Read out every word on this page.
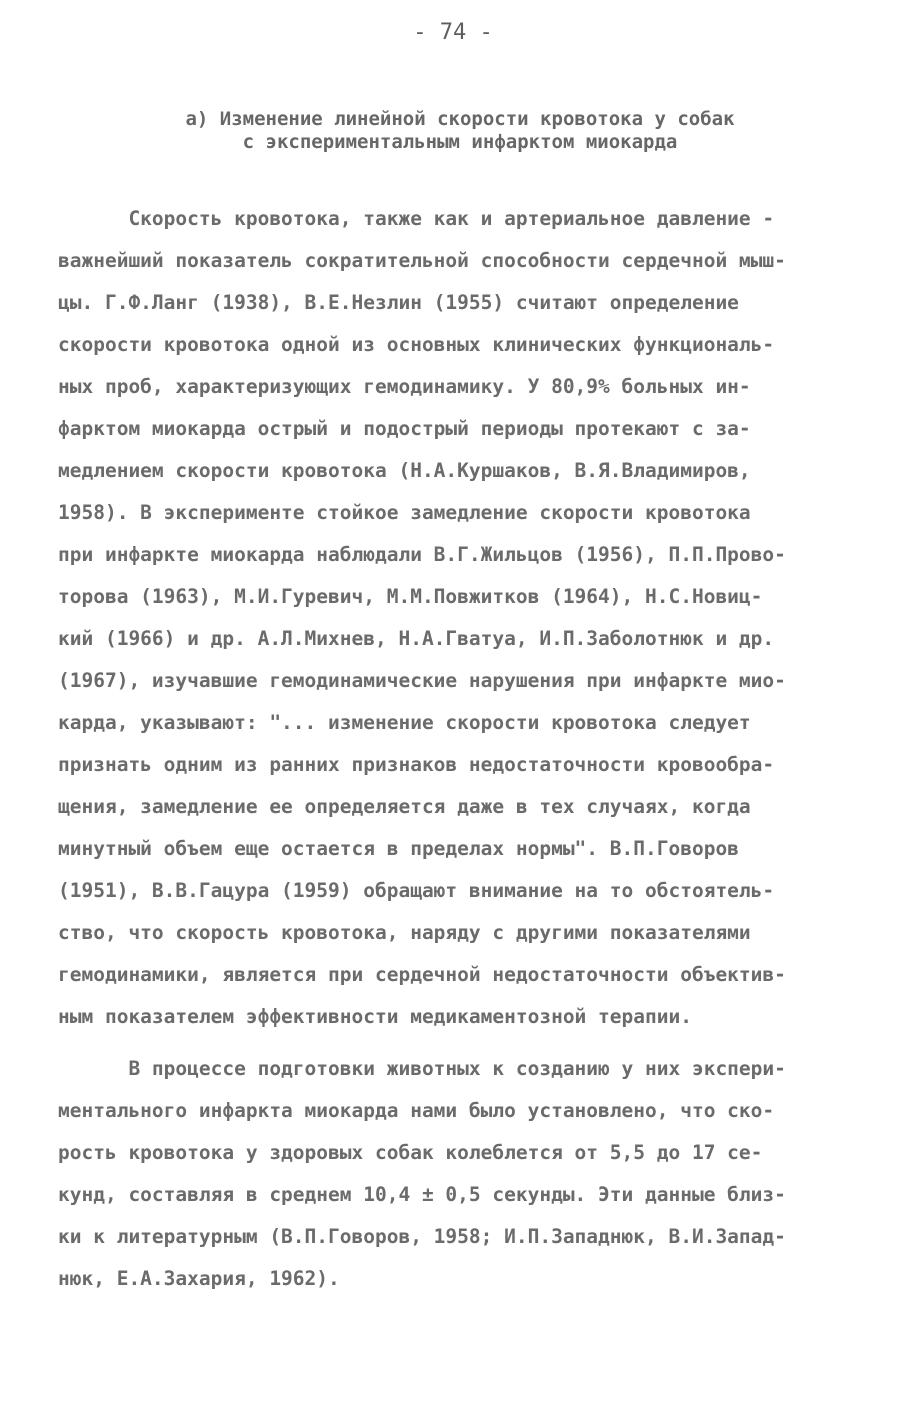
- 74 -
а) Изменение линейной скорости кровотока у собак
с экспериментальным инфарктом миокарда
Скорость кровотока, также как и артериальное давление -
важнейший показатель сократительной способности сердечной мыш-
цы. Г.Ф.Ланг (1938), В.Е.Незлин (1955) считают определение
скорости кровотока одной из основных клинических функциональ-
ных проб, характеризующих гемодинамику. У 80,9% больных ин-
фарктом миокарда острый и подострый периоды протекают с за-
медлением скорости кровотока (Н.А.Куршаков, В.Я.Владимиров,
1958). В эксперименте стойкое замедление скорости кровотока
при инфаркте миокарда наблюдали В.Г.Жильцов (1956), П.П.Прово-
торова (1963), М.И.Гуревич, М.М.Повжитков (1964), Н.С.Новиц-
кий (1966) и др. А.Л.Михнев, Н.А.Гватуа, И.П.Заболотнюк и др.
(1967), изучавшие гемодинамические нарушения при инфаркте мио-
карда, указывают: "... изменение скорости кровотока следует
признать одним из ранних признаков недостаточности кровообра-
щения, замедление ее определяется даже в тех случаях, когда
минутный объем еще остается в пределах нормы". В.П.Говоров
(1951), В.В.Гацура (1959) обращают внимание на то обстоятель-
ство, что скорость кровотока, наряду с другими показателями
гемодинамики, является при сердечной недостаточности объектив-
ным показателем эффективности медикаментозной терапии.
В процессе подготовки животных к созданию у них экспери-
ментального инфаркта миокарда нами было установлено, что ско-
рость кровотока у здоровых собак колеблется от 5,5 до 17 се-
кунд, составляя в среднем 10,4 ± 0,5 секунды. Эти данные близ-
ки к литературным (В.П.Говоров, 1958; И.П.Западнюк, В.И.Запад-
нюк, Е.А.Захария, 1962).
